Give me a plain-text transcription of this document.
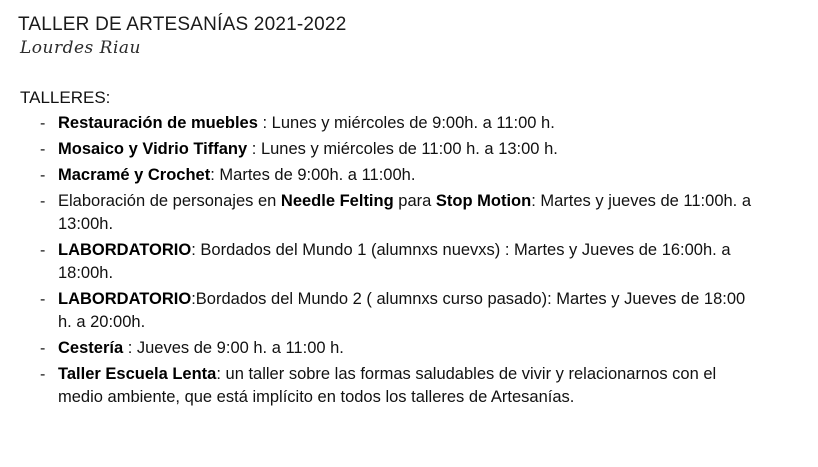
TALLER DE ARTESANÍAS 2021-2022
Lourdes Riau
TALLERES:
- Restauración de muebles : Lunes y miércoles de 9:00h. a 11:00 h.
- Mosaico y Vidrio Tiffany : Lunes y miércoles de 11:00 h. a 13:00 h.
- Macramé y Crochet: Martes de 9:00h. a 11:00h.
- Elaboración de personajes en Needle Felting para Stop Motion: Martes y jueves de 11:00h. a 13:00h.
- LABORDATORIO: Bordados del Mundo 1 (alumnxs nuevxs) : Martes y Jueves de 16:00h. a 18:00h.
- LABORDATORIO:Bordados del Mundo 2 ( alumnxs curso pasado): Martes y Jueves de 18:00 h. a 20:00h.
- Cestería : Jueves de 9:00 h. a 11:00 h.
- Taller Escuela Lenta: un taller sobre las formas saludables de vivir y relacionarnos con el medio ambiente, que está implícito en todos los talleres de Artesanías.
